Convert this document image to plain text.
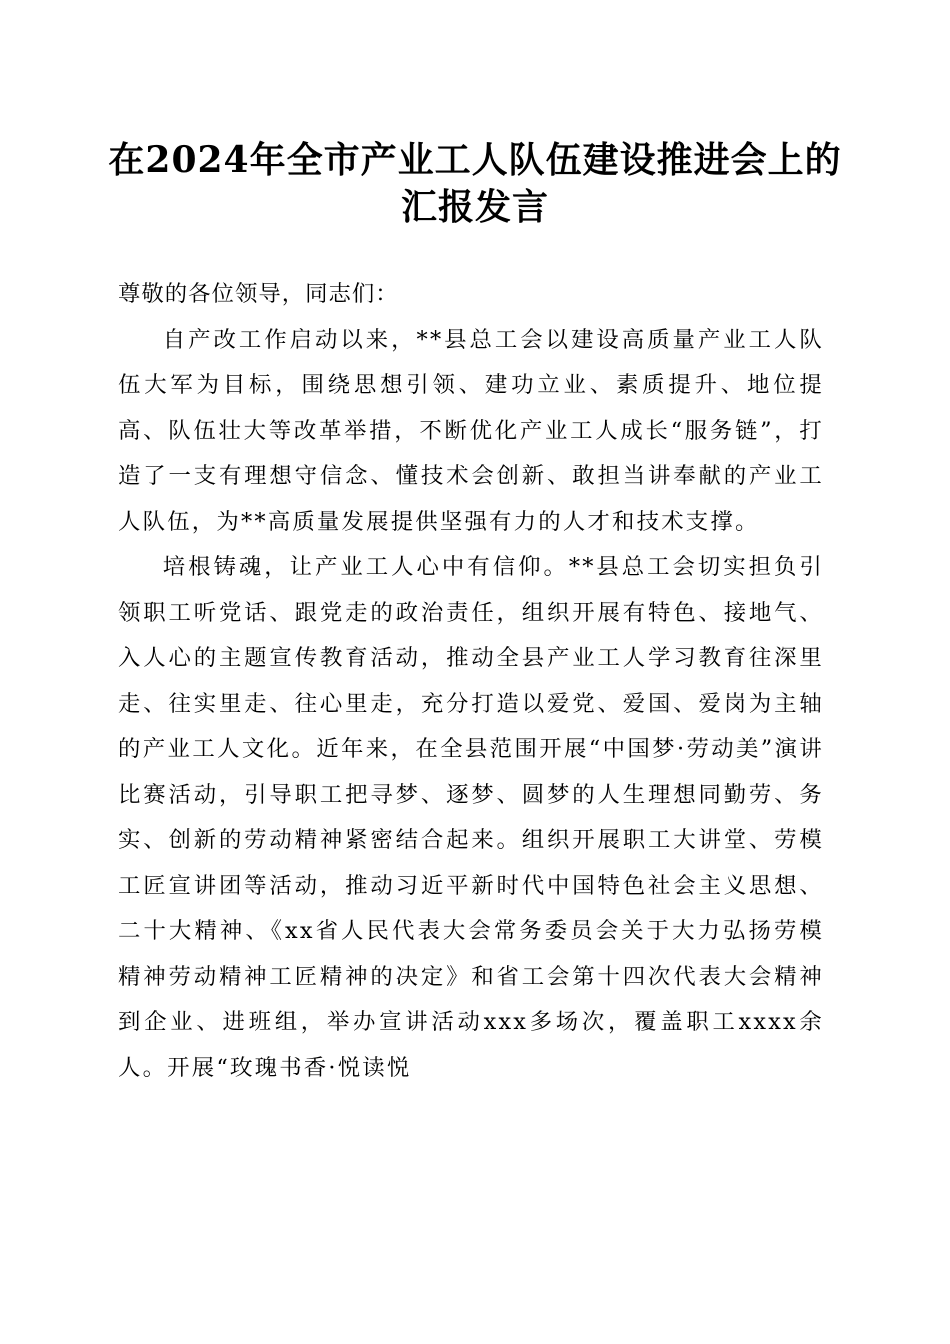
在2024年全市产业工人队伍建设推进会上的
汇报发言

尊敬的各位领导，同志们：

自产改工作启动以来，**县总工会以建设高质量产业工人队伍大军为目标，围绕思想引领、建功立业、素质提升、地位提高、队伍壮大等改革举措，不断优化产业工人成长“服务链”，打造了一支有理想守信念、懂技术会创新、敢担当讲奉献的产业工人队伍，为**高质量发展提供坚强有力的人才和技术支撑。

培根铸魂，让产业工人心中有信仰。**县总工会切实担负引领职工听党话、跟党走的政治责任，组织开展有特色、接地气、入人心的主题宣传教育活动，推动全县产业工人学习教育往深里走、往实里走、往心里走，充分打造以爱党、爱国、爱岗为主轴的产业工人文化。近年来，在全县范围开展“中国梦·劳动美”演讲比赛活动，引导职工把寻梦、逐梦、圆梦的人生理想同勤劳、务实、创新的劳动精神紧密结合起来。组织开展职工大讲堂、劳模工匠宣讲团等活动，推动习近平新时代中国特色社会主义思想、二十大精神、《xx省人民代表大会常务委员会关于大力弘扬劳模精神劳动精神工匠精神的决定》和省工会第十四次代表大会精神到企业、进班组，举办宣讲活动xxx多场次，覆盖职工xxxx余人。开展“玫瑰书香·悦读悦
